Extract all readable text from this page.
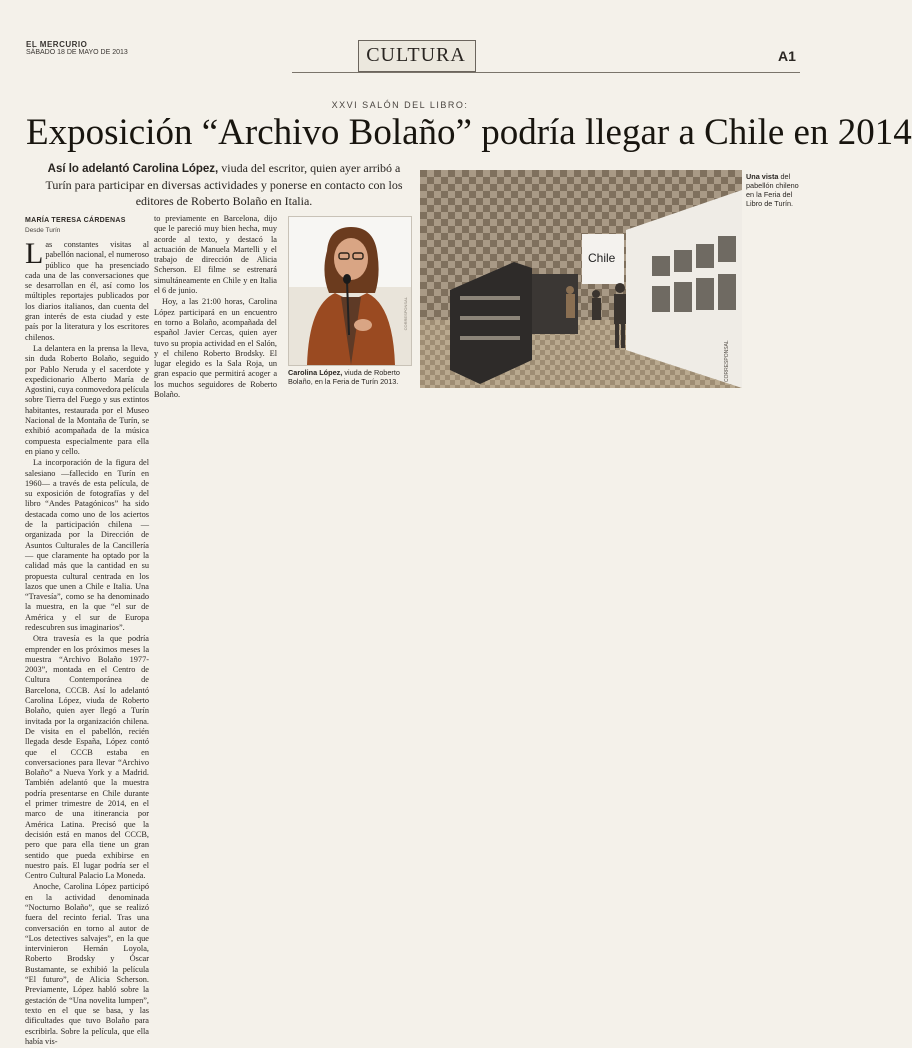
EL MERCURIO
SÁBADO 18 DE MAYO DE 2013	CULTURA	A1
XXVI SALÓN DEL LIBRO:
Exposición “Archivo Bolaño” podría llegar a Chile en 2014
Así lo adelantó Carolina López, viuda del escritor, quien ayer arribó a Turín para participar en diversas actividades y ponerse en contacto con los editores de Roberto Bolaño en Italia.
MARÍA TERESA CÁRDENAS
Desde Turín

Las constantes visitas al pabellón nacional, el numeroso público que ha presenciado cada una de las conversaciones que se desarrollan en él, así como los múltiples reportajes publicados por los diarios italianos, dan cuenta del gran interés de esta ciudad y este país por la literatura y los escritores chilenos.

La delantera en la prensa la lleva, sin duda Roberto Bolaño, seguido por Pablo Neruda y el sacerdote y expedicionario Alberto María de Agostini, cuya conmovedora película sobre Tierra del Fuego y sus extintos habitantes, restaurada por el Museo Nacional de la Montaña de Turín, se exhibió acompañada de la música compuesta especialmente para ella en piano y cello.

La incorporación de la figura del salesiano —fallecido en Turín en 1960— a través de esta película, de su exposición de fotografías y del libro “Andes Patagónicos” ha sido destacada como uno de los aciertos de la participación chilena —organizada por la Dirección de Asuntos Culturales de la Cancillería— que claramente ha optado por la calidad más que la cantidad en su propuesta cultural centrada en los lazos que unen a Chile e Italia. Una “Travesía”, como se ha denominado la muestra, en la que “el sur de América y el sur de Europa redescubren sus imaginarios”.

Otra travesía es la que podría emprender en los próximos meses la muestra “Archivo Bolaño 1977-2003”, montada en el Centro de Cultura Contemporánea de Barcelona, CCCB. Así lo adelantó Carolina López, viuda de Roberto Bolaño, quien ayer llegó a Turín invitada por la organización chilena. De visita en el pabellón, recién llegada desde España, López contó que el CCCB estaba en conversaciones para llevar “Archivo Bolaño” a Nueva York y a Madrid. También adelantó que la muestra podría presentarse en Chile durante el primer trimestre de 2014, en el marco de una itinerancia por América Latina. Precisó que la decisión está en manos del CCCB, pero que para ella tiene un gran sentido que pueda exhibirse en nuestro país. El lugar podría ser el Centro Cultural Palacio La Moneda.

Anoche, Carolina López participó en la actividad denominada “Nocturno Bolaño”, que se realizó fuera del recinto ferial. Tras una conversación en torno al autor de “Los detectives salvajes”, en la que intervinieron Hernán Loyola, Roberto Brodsky y Óscar Bustamante, se exhibió la película “El futuro”, de Alicia Scherson. Previamente, López habló sobre la gestación de “Una novelita lumpen”, texto en el que se basa, y las dificultades que tuvo Bolaño para escribirla. Sobre la película, que ella había vis-

to previamente en Barcelona, dijo que le pareció muy bien hecha, muy acorde al texto, y destacó la actuación de Manuela Martelli y el trabajo de dirección de Alicia Scherson. El filme se estrenará simultáneamente en Chile y en Italia el 6 de junio.

Hoy, a las 21:00 horas, Carolina López participará en un encuentro en torno a Bolaño, acompañada del español Javier Cercas, quien ayer tuvo su propia actividad en el Salón, y el chileno Roberto Brodsky. El lugar elegido es la Sala Roja, un gran espacio que permitirá acoger a los muchos seguidores de Roberto Bolaño.

CORRESPONSAL
Carolina López, viuda de Roberto Bolaño, en la Feria de Turín 2013.
Chile
CORRESPONSAL
Una vista del pabellón chileno en la Feria del Libro de Turín.
